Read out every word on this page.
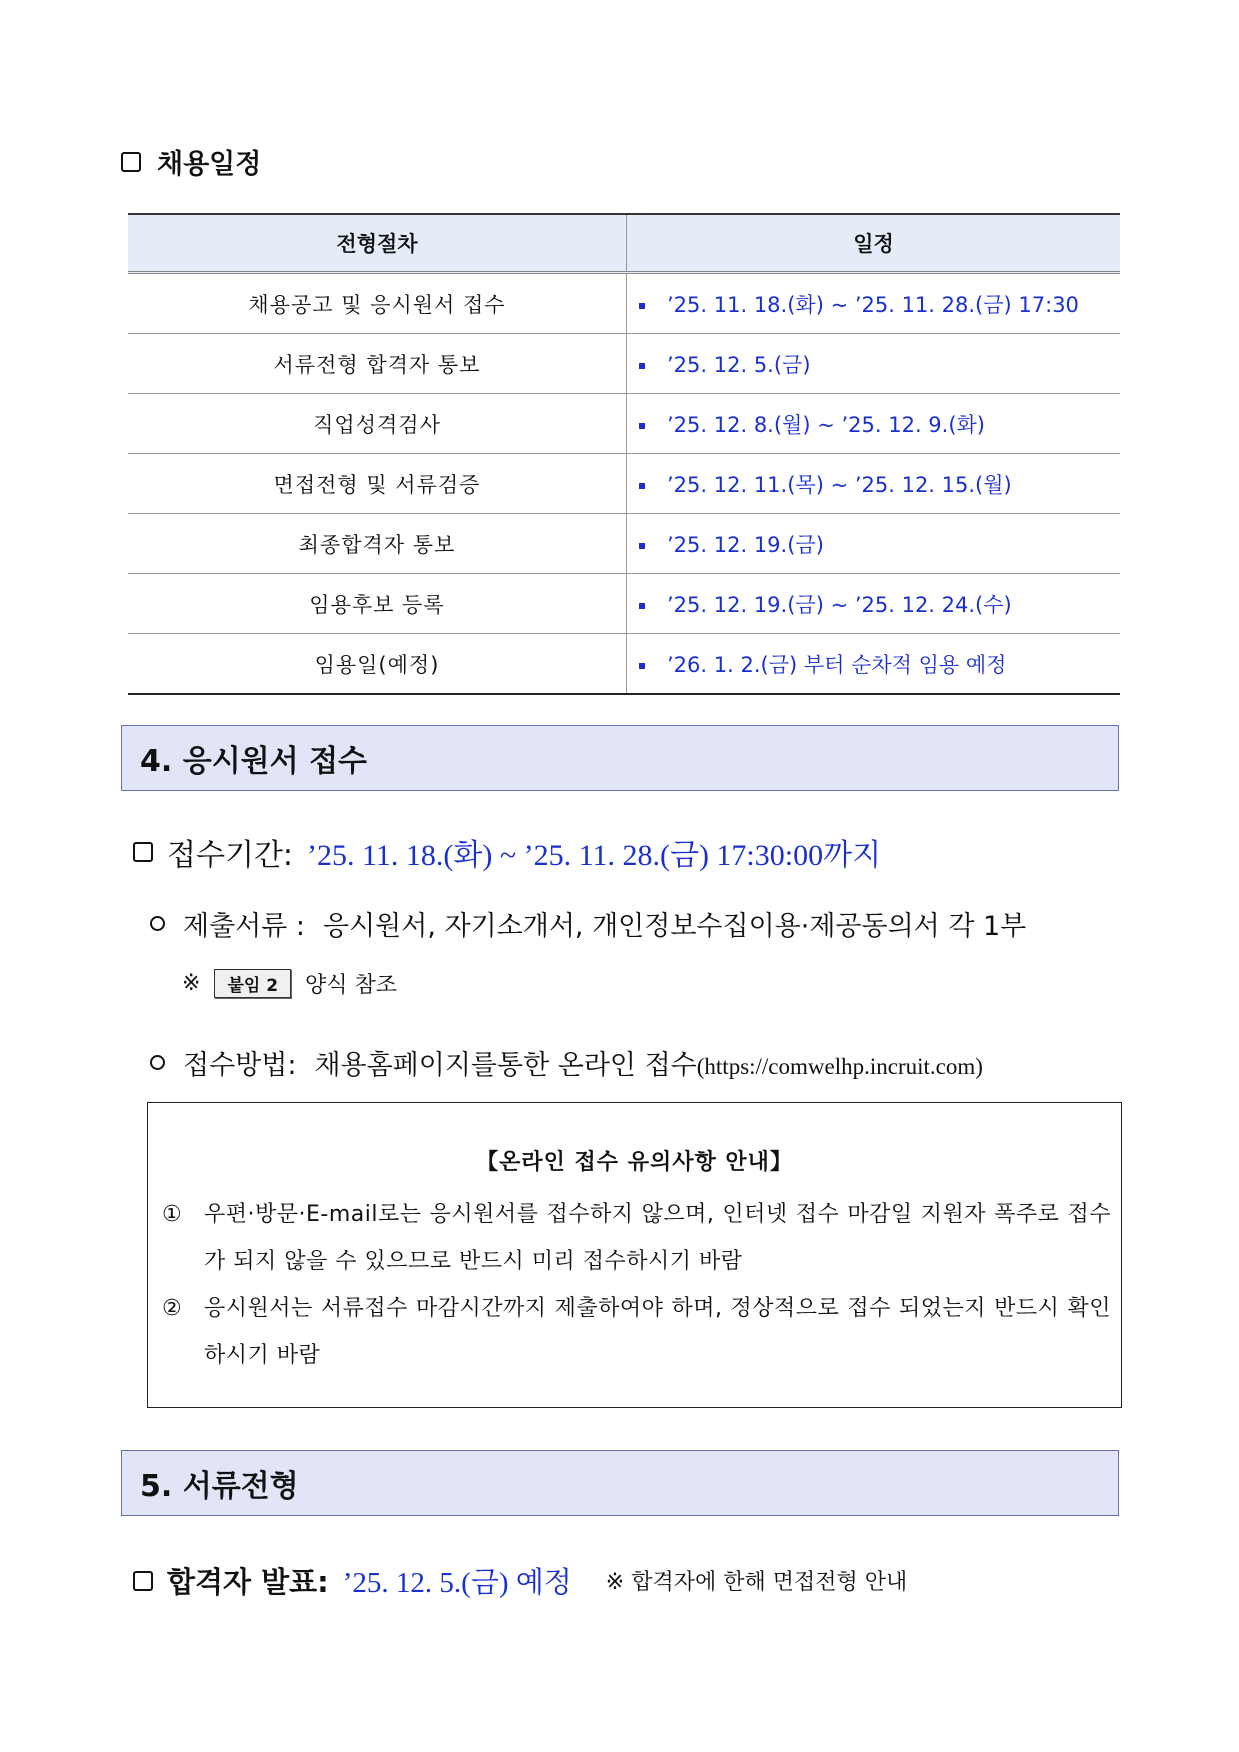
채용일정
전형절차	일정
채용공고 및 응시원서 접수	’25. 11. 18.(화) ~ ’25. 11. 28.(금) 17:30
서류전형 합격자 통보	’25. 12. 5.(금)
직업성격검사	’25. 12. 8.(월) ~ ’25. 12. 9.(화)
면접전형 및 서류검증	’25. 12. 11.(목) ~ ’25. 12. 15.(월)
최종합격자 통보	’25. 12. 19.(금)
임용후보 등록	’25. 12. 19.(금) ~ ’25. 12. 24.(수)
임용일(예정)	’26. 1. 2.(금) 부터 순차적 임용 예정
4. 응시원서 접수
접수기간: ’25. 11. 18.(화) ~ ’25. 11. 28.(금) 17:30:00까지
제출서류 : 응시원서, 자기소개서, 개인정보수집이용·제공동의서 각 1부
※	붙임 2	양식 참조
접수방법: 채용홈페이지를통한 온라인 접수(https://comwelhp.incruit.com)
【온라인 접수 유의사항 안내】
①	우편·방문·E-mail로는 응시원서를 접수하지 않으며, 인터넷 접수 마감일 지원자 폭주로 접수가 되지 않을 수 있으므로 반드시 미리 접수하시기 바람
②	응시원서는 서류접수 마감시간까지 제출하여야 하며, 정상적으로 접수 되었는지 반드시 확인하시기 바람
5. 서류전형
합격자 발표: ’25. 12. 5.(금) 예정 ※ 합격자에 한해 면접전형 안내
